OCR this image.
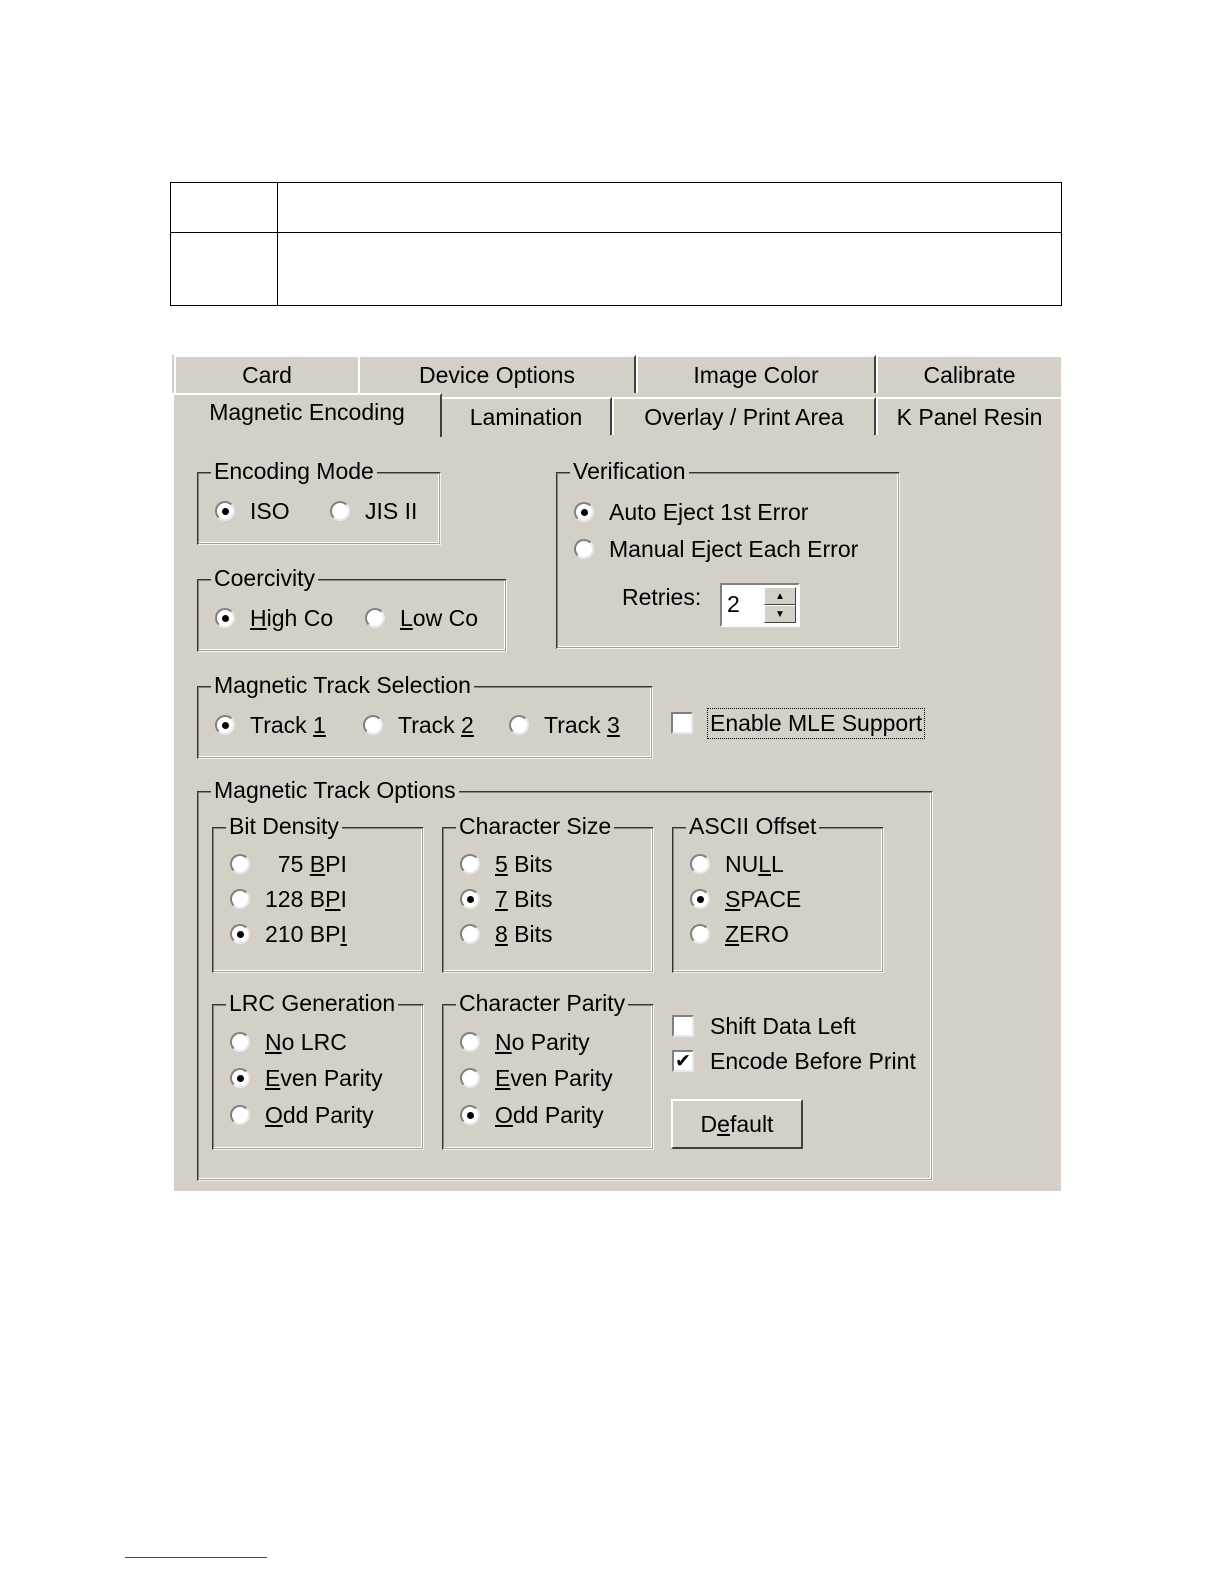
Card	Device Options	Image Color	Calibrate
Magnetic Encoding	Lamination	Overlay / Print Area K Panel Resin
Encoding Mode
ISO	JIS II
Coercivity
High Co	Low Co
Verification
Auto Eject 1st Error
Manual Eject Each Error
Retries: 2	▲
▼
Magnetic Track Selection
Track 1	Track 2	Track 3	Enable MLE Support
Magnetic Track Options
Bit Density
75 BPI
128 BPI
210 BPI
Character Size
5 Bits
7 Bits
8 Bits
ASCII Offset
NULL
SPACE
ZERO
LRC Generation
No LRC
Even Parity
Odd Parity
Character Parity
No Parity
Even Parity
Odd Parity
Shift Data Left
✔ Encode Before Print
Default
